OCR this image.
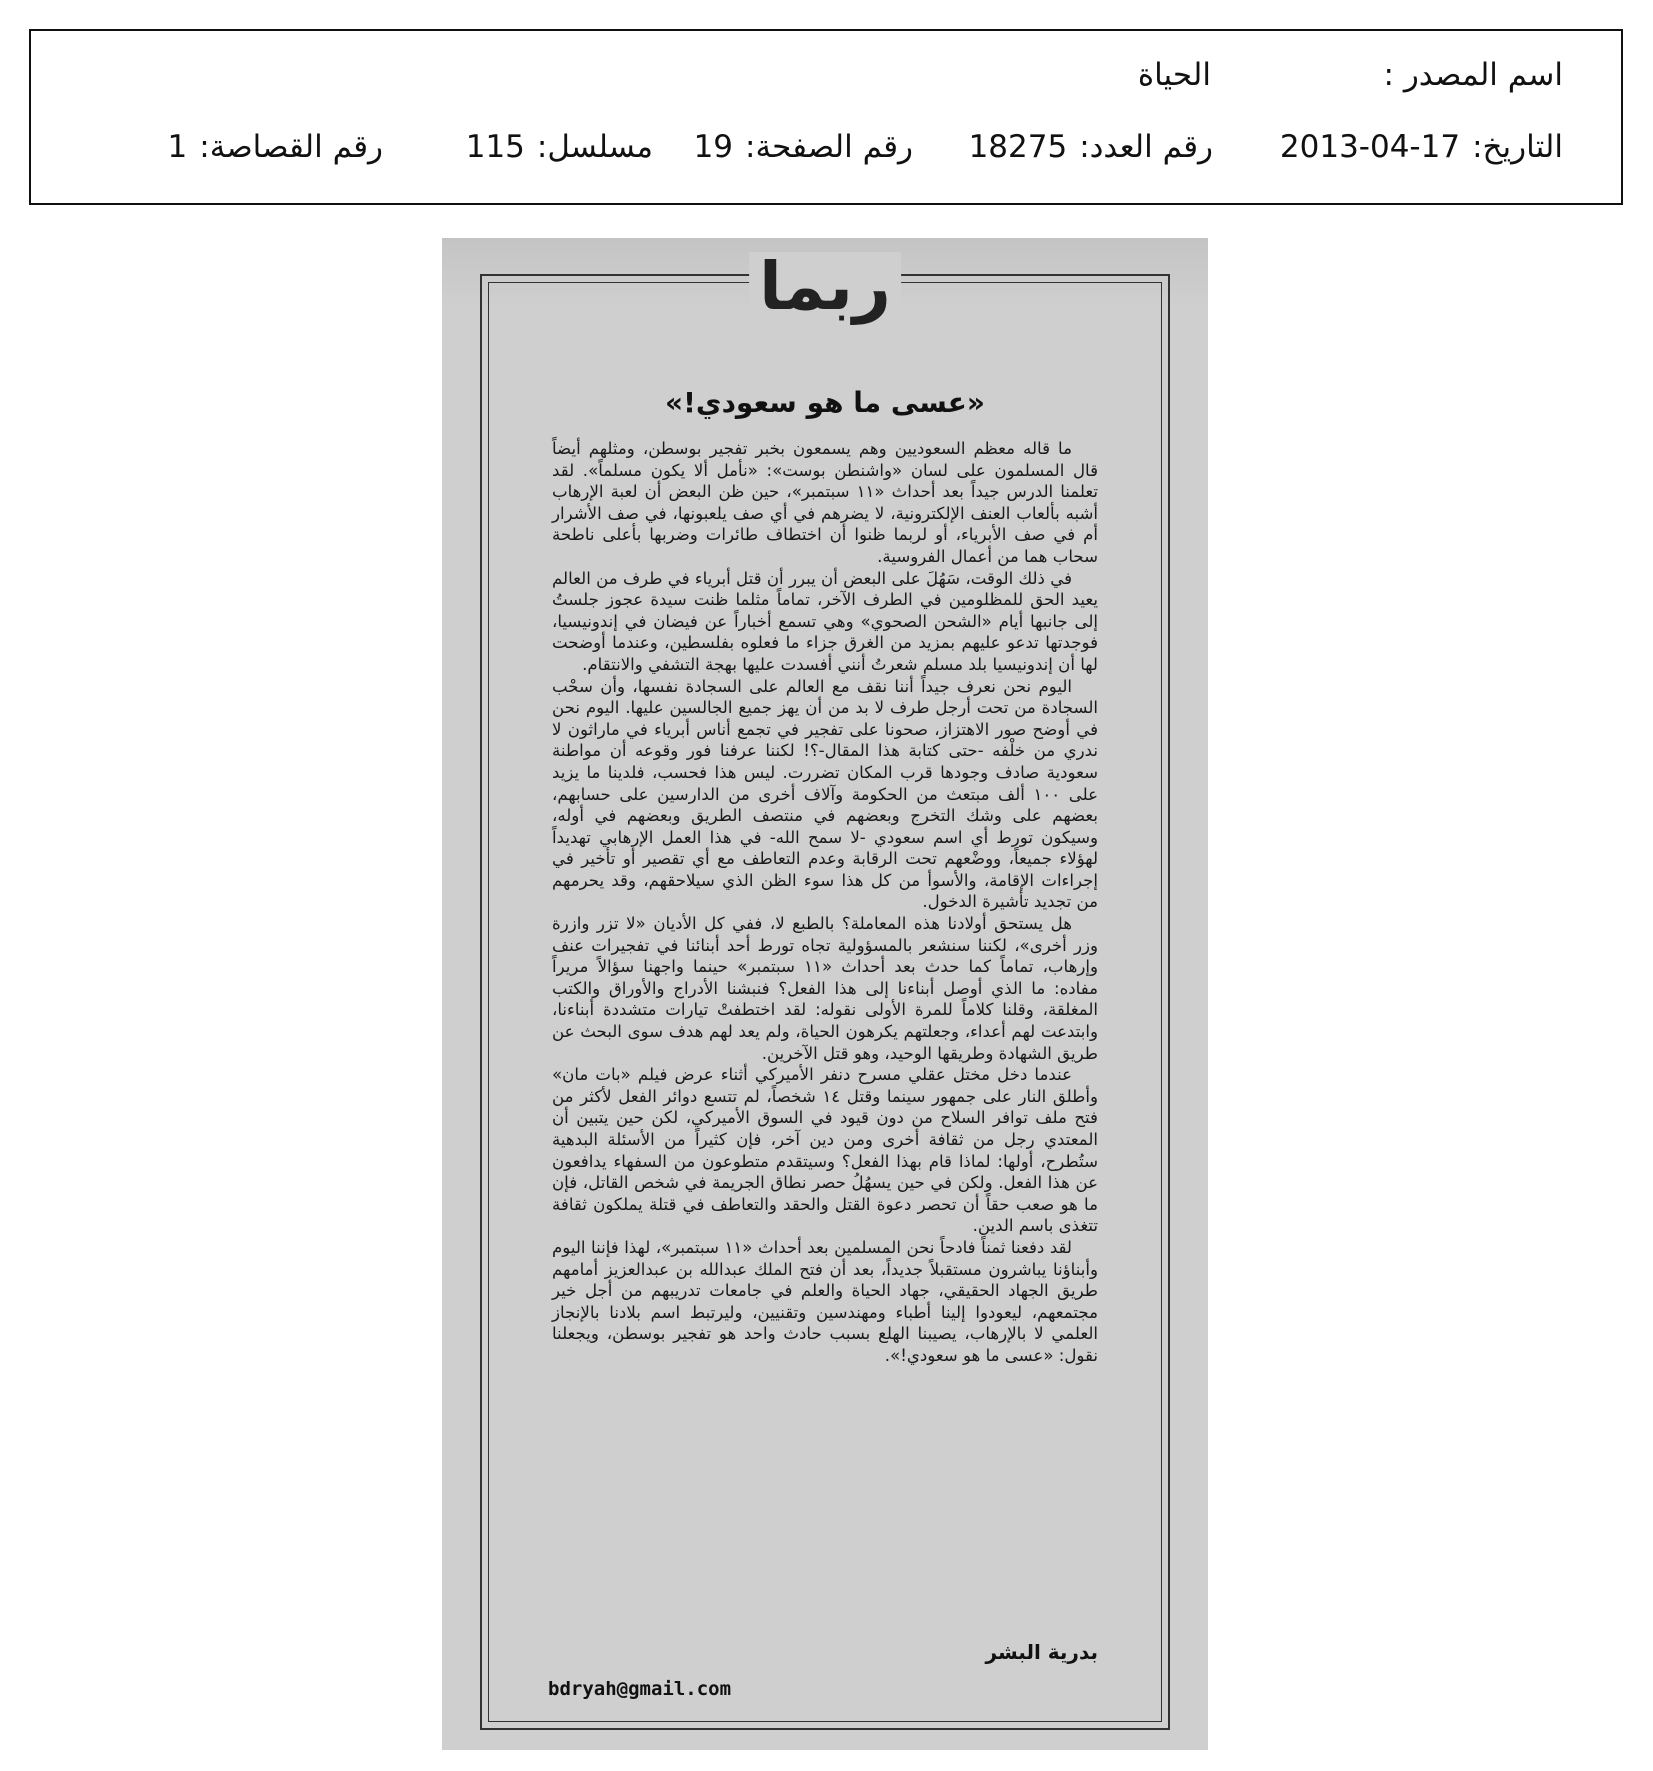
اسم المصدر :
الحياة
التاريخ:
2013-04-17
رقم العدد:
18275
رقم الصفحة:
19
مسلسل:
115
رقم القصاصة:
1
ربما
«عسى ما هو سعودي!»

ما قاله معظم السعوديين وهم يسمعون بخبر تفجير بوسطن، ومثلهم أيضاً قال المسلمون على لسان «واشنطن بوست»: «نأمل ألا يكون مسلماً». لقد تعلمنا الدرس جيداً بعد أحداث «١١ سبتمبر»، حين ظن البعض أن لعبة الإرهاب أشبه بألعاب العنف الإلكترونية، لا يضرهم في أي صف يلعبونها، في صف الأشرار أم في صف الأبرياء، أو لربما ظنوا أن اختطاف طائرات وضربها بأعلى ناطحة سحاب هما من أعمال الفروسية.

في ذلك الوقت، سَهُلَ على البعض أن يبرر أن قتل أبرياء في طرف من العالم يعيد الحق للمظلومين في الطرف الآخر، تماماً مثلما ظنت سيدة عجوز جلستُ إلى جانبها أيام «الشحن الصحوي» وهي تسمع أخباراً عن فيضان في إندونيسيا، فوجدتها تدعو عليهم بمزيد من الغرق جزاء ما فعلوه بفلسطين، وعندما أوضحت لها أن إندونيسيا بلد مسلم شعرتُ أنني أفسدت عليها بهجة التشفي والانتقام.

اليوم نحن نعرف جيداً أننا نقف مع العالم على السجادة نفسها، وأن سحْب السجادة من تحت أرجل طرف لا بد من أن يهز جميع الجالسين عليها. اليوم نحن في أوضح صور الاهتزاز، صحونا على تفجير في تجمع أناس أبرياء في ماراثون لا ندري من خلْفه -حتى كتابة هذا المقال-؟! لكننا عرفنا فور وقوعه أن مواطنة سعودية صادف وجودها قرب المكان تضررت. ليس هذا فحسب، فلدينا ما يزيد على ١٠٠ ألف مبتعث من الحكومة وآلاف أخرى من الدارسين على حسابهم، بعضهم على وشك التخرج وبعضهم في منتصف الطريق وبعضهم في أوله، وسيكون تورط أي اسم سعودي -لا سمح الله- في هذا العمل الإرهابي تهديداً لهؤلاء جميعاً، ووضْعهم تحت الرقابة وعدم التعاطف مع أي تقصير أو تأخير في إجراءات الإقامة، والأسوأ من كل هذا سوء الظن الذي سيلاحقهم، وقد يحرمهم من تجديد تأشيرة الدخول.

هل يستحق أولادنا هذه المعاملة؟ بالطبع لا، ففي كل الأديان «لا تزر وازرة وزر أخرى»، لكننا سنشعر بالمسؤولية تجاه تورط أحد أبنائنا في تفجيرات عنف وإرهاب، تماماً كما حدث بعد أحداث «١١ سبتمبر» حينما واجهنا سؤالاً مريراً مفاده: ما الذي أوصل أبناءنا إلى هذا الفعل؟ فنبشنا الأدراج والأوراق والكتب المغلقة، وقلنا كلاماً للمرة الأولى نقوله: لقد اختطفتْ تيارات متشددة أبناءنا، وابتدعت لهم أعداء، وجعلتهم يكرهون الحياة، ولم يعد لهم هدف سوى البحث عن طريق الشهادة وطريقها الوحيد، وهو قتل الآخرين.

عندما دخل مختل عقلي مسرح دنفر الأميركي أثناء عرض فيلم «بات مان» وأطلق النار على جمهور سينما وقتل ١٤ شخصاً، لم تتسع دوائر الفعل لأكثر من فتح ملف توافر السلاح من دون قيود في السوق الأميركي، لكن حين يتبين أن المعتدي رجل من ثقافة أخرى ومن دين آخر، فإن كثيراً من الأسئلة البدهية ستُطرح، أولها: لماذا قام بهذا الفعل؟ وسيتقدم متطوعون من السفهاء يدافعون عن هذا الفعل. ولكن في حين يسهُلُ حصر نطاق الجريمة في شخص القاتل، فإن ما هو صعب حقاً أن تحصر دعوة القتل والحقد والتعاطف في قتلة يملكون ثقافة تتغذى باسم الدين.

لقد دفعنا ثمناً فادحاً نحن المسلمين بعد أحداث «١١ سبتمبر»، لهذا فإننا اليوم وأبناؤنا يباشرون مستقبلاً جديداً، بعد أن فتح الملك عبدالله بن عبدالعزيز أمامهم طريق الجهاد الحقيقي، جهاد الحياة والعلم في جامعات تدريبهم من أجل خير مجتمعهم، ليعودوا إلينا أطباء ومهندسين وتقنيين، وليرتبط اسم بلادنا بالإنجاز العلمي لا بالإرهاب، يصيبنا الهلع بسبب حادث واحد هو تفجير بوسطن، ويجعلنا نقول: «عسى ما هو سعودي!».

بدرية البشر
bdryah@gmail.com
